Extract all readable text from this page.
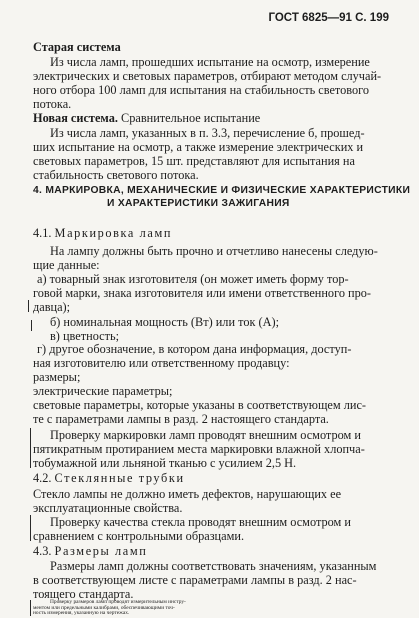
ГОСТ 6825—91 С. 199
Старая система
Из числа ламп, прошедших испытание на осмотр, измерение
электрических и световых параметров, отбирают методом случай-
ного отбора 100 ламп для испытания на стабильность светового
потока.
Новая система. Сравнительное испытание
Из числа ламп, указанных в п. 3.3, перечисление б, прошед-
ших испытание на осмотр, а также измерение электрических и
световых параметров, 15 шт. представляют для испытания на
стабильность светового потока.
4. МАРКИРОВКА, МЕХАНИЧЕСКИЕ И ФИЗИЧЕСКИЕ ХАРАКТЕРИСТИКИ
И ХАРАКТЕРИСТИКИ ЗАЖИГАНИЯ
4.1. Маркировка ламп
На лампу должны быть прочно и отчетливо нанесены следую-
щие данные:
а) товарный знак изготовителя (он может иметь форму тор-
говой марки, знака изготовителя или имени ответственного про-
давца);
б) номинальная мощность (Вт) или ток (А);
в) цветность;
г) другое обозначение, в котором дана информация, доступ-
ная изготовителю или ответственному продавцу:
размеры;
электрические параметры;
световые параметры, которые указаны в соответствующем лис-
те с параметрами лампы в разд. 2 настоящего стандарта.
Проверку маркировки ламп проводят внешним осмотром и
пятикратным протиранием места маркировки влажной хлопча-
тобумажной или льняной тканью с усилием 2,5 Н.
4.2. Стеклянные трубки
Стекло лампы не должно иметь дефектов, нарушающих ее
эксплуатационные свойства.
Проверку качества стекла проводят внешним осмотром и
сравнением с контрольными образцами.
4.3. Размеры ламп
Размеры ламп должны соответствовать значениям, указанным
в соответствующем листе с параметрами лампы в разд. 2 нас-
тоящего стандарта.
Проверку размеров ламп проводят измерительным инстру-
ментом или предельными калибрами, обеспечивающими точ-
ность измерения, указанную на чертежах.
